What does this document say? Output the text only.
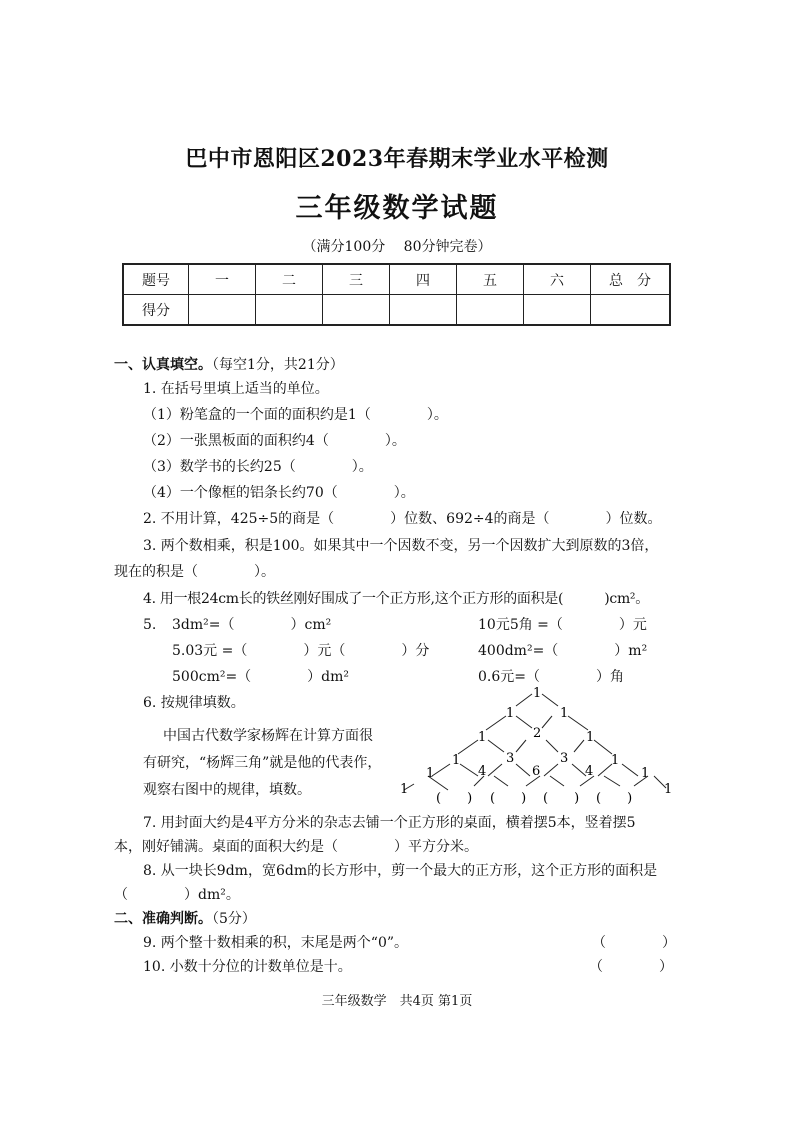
巴中市恩阳区2023年春期末学业水平检测
三年级数学试题
（满分100分　 80分钟完卷）
题号	一	二	三	四	五	六	总　分
得分							
一、认真填空。（每空1分，共21分）
1. 在括号里填上适当的单位。
（1）粉笔盒的一个面的面积约是1（　　　　）。
（2）一张黑板面的面积约4（　　　　）。
（3）数学书的长约25（　　　　）。
（4）一个像框的铝条长约70（　　　　）。
2. 不用计算，425÷5的商是（　　　　）位数、692÷4的商是（　　　　）位数。
3. 两个数相乘，积是100。如果其中一个因数不变，另一个因数扩大到原数的3倍，
现在的积是（　　　　）。
4. 用一根24cm长的铁丝刚好围成了一个正方形,这个正方形的面积是(　　　)cm²。
5. 3dm²=（　　　　）cm²	10元5角 =（　　　　）元
5.03元 =（　　　　）元（　　　　）分	400dm²=（　　　　）m²
500cm²=（　　　　）dm²	0.6元=（　　　　）角
6. 按规律填数。
中国古代数学家杨辉在计算方面很
有研究，“杨辉三角”就是他的代表作，
观察右图中的规律，填数。
1
1	1
1	2	1
1	3	3	1
1	4	6	4	1
1
(　　) (　　) (　　) (　　)
1
7. 用封面大约是4平方分米的杂志去铺一个正方形的桌面，横着摆5本，竖着摆5
本，刚好铺满。桌面的面积大约是（　　　　）平方分米。
8. 从一块长9dm，宽6dm的长方形中，剪一个最大的正方形，这个正方形的面积是
（　　　　）dm²。
二、准确判断。（5分）
9. 两个整十数相乘的积，末尾是两个“0”。	（　　　　）
10. 小数十分位的计数单位是十。	（　　　　）
三年级数学　共4页 第1页
